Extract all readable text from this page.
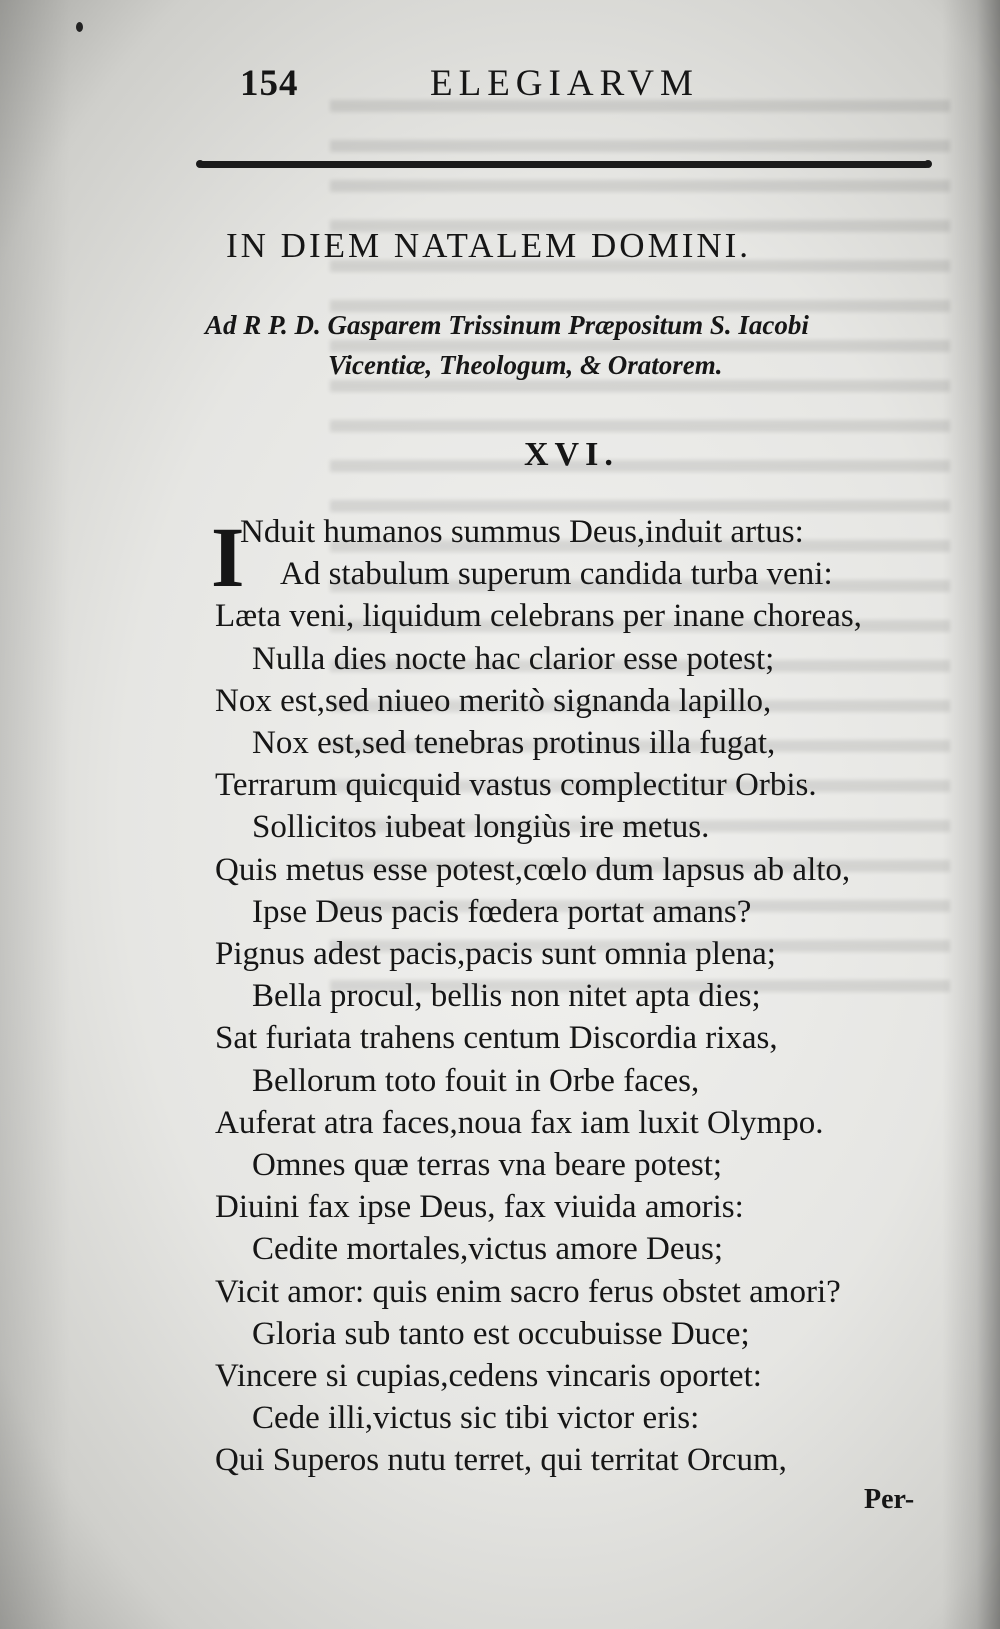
154	ELEGIARVM
IN DIEM NATALEM DOMINI.
Ad R P. D. Gasparem Trissinum Præpositum S. Iacobi
Vicentiæ, Theologum, & Oratorem.
XVI.
I
Nduit humanos summus Deus,induit artus:
Ad stabulum superum candida turba veni:
Læta veni, liquidum celebrans per inane choreas,
Nulla dies nocte hac clarior esse potest;
Nox est,sed niueo meritò signanda lapillo,
Nox est,sed tenebras protinus illa fugat,
Terrarum quicquid vastus complectitur Orbis.
Sollicitos iubeat longiùs ire metus.
Quis metus esse potest,cœlo dum lapsus ab alto,
Ipse Deus pacis fœdera portat amans?
Pignus adest pacis,pacis sunt omnia plena;
Bella procul, bellis non nitet apta dies;
Sat furiata trahens centum Discordia rixas,
Bellorum toto fouit in Orbe faces,
Auferat atra faces,noua fax iam luxit Olympo.
Omnes quæ terras vna beare potest;
Diuini fax ipse Deus, fax viuida amoris:
Cedite mortales,victus amore Deus;
Vicit amor: quis enim sacro ferus obstet amori?
Gloria sub tanto est occubuisse Duce;
Vincere si cupias,cedens vincaris oportet:
Cede illi,victus sic tibi victor eris:
Qui Superos nutu terret, qui territat Orcum,
Per-
